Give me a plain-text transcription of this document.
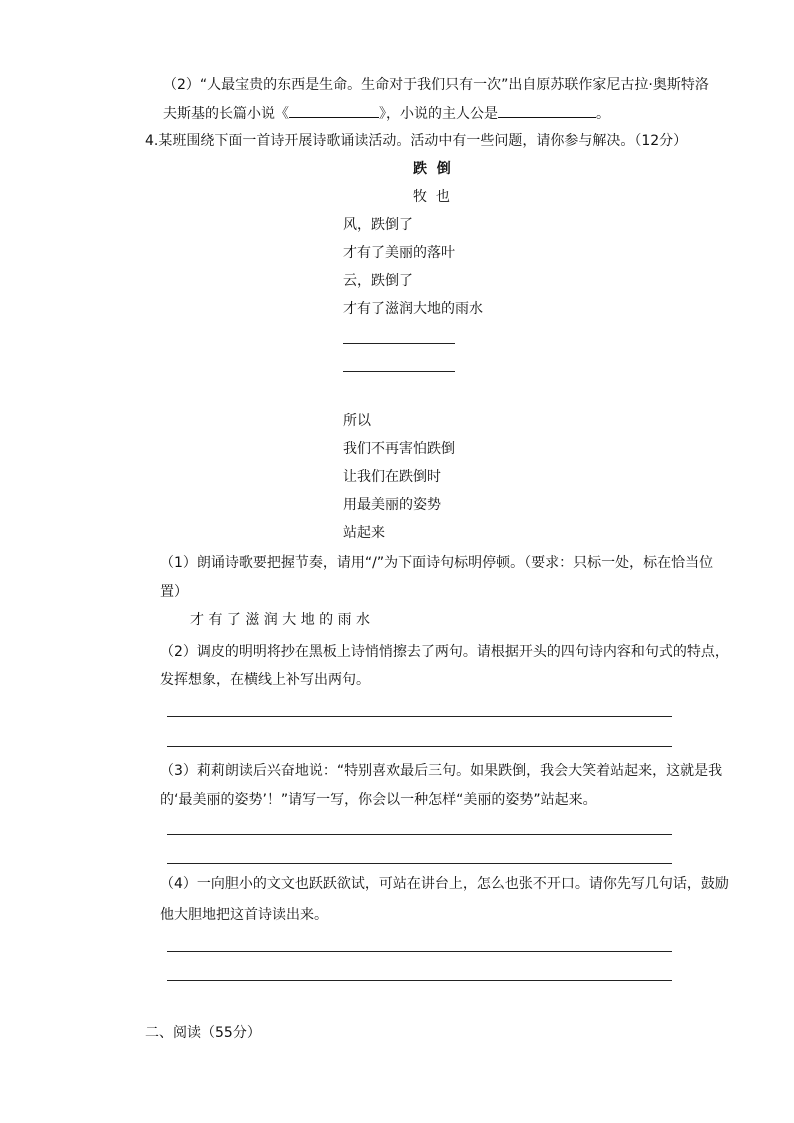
（2）“人最宝贵的东西是生命。生命对于我们只有一次”出自原苏联作家尼古拉·奥斯特洛
夫斯基的长篇小说《	》，小说的主人公是	。
4.某班围绕下面一首诗开展诗歌诵读活动。活动中有一些问题，请你参与解决。（12分）
跌  倒
牧  也
风，跌倒了
才有了美丽的落叶
云，跌倒了
才有了滋润大地的雨水
所以
我们不再害怕跌倒
让我们在跌倒时
用最美丽的姿势
站起来
（1）朗诵诗歌要把握节奏，请用“/”为下面诗句标明停顿。（要求：只标一处，标在恰当位
置）
才 有 了 滋 润 大 地 的 雨 水
（2）调皮的明明将抄在黑板上诗悄悄擦去了两句。请根据开头的四句诗内容和句式的特点，
发挥想象，在横线上补写出两句。
（3）莉莉朗读后兴奋地说：“特别喜欢最后三句。如果跌倒，我会大笑着站起来，这就是我
的‘最美丽的姿势’！”请写一写，你会以一种怎样“美丽的姿势”站起来。
（4）一向胆小的文文也跃跃欲试，可站在讲台上，怎么也张不开口。请你先写几句话，鼓励
他大胆地把这首诗读出来。
二、阅读（55分）
